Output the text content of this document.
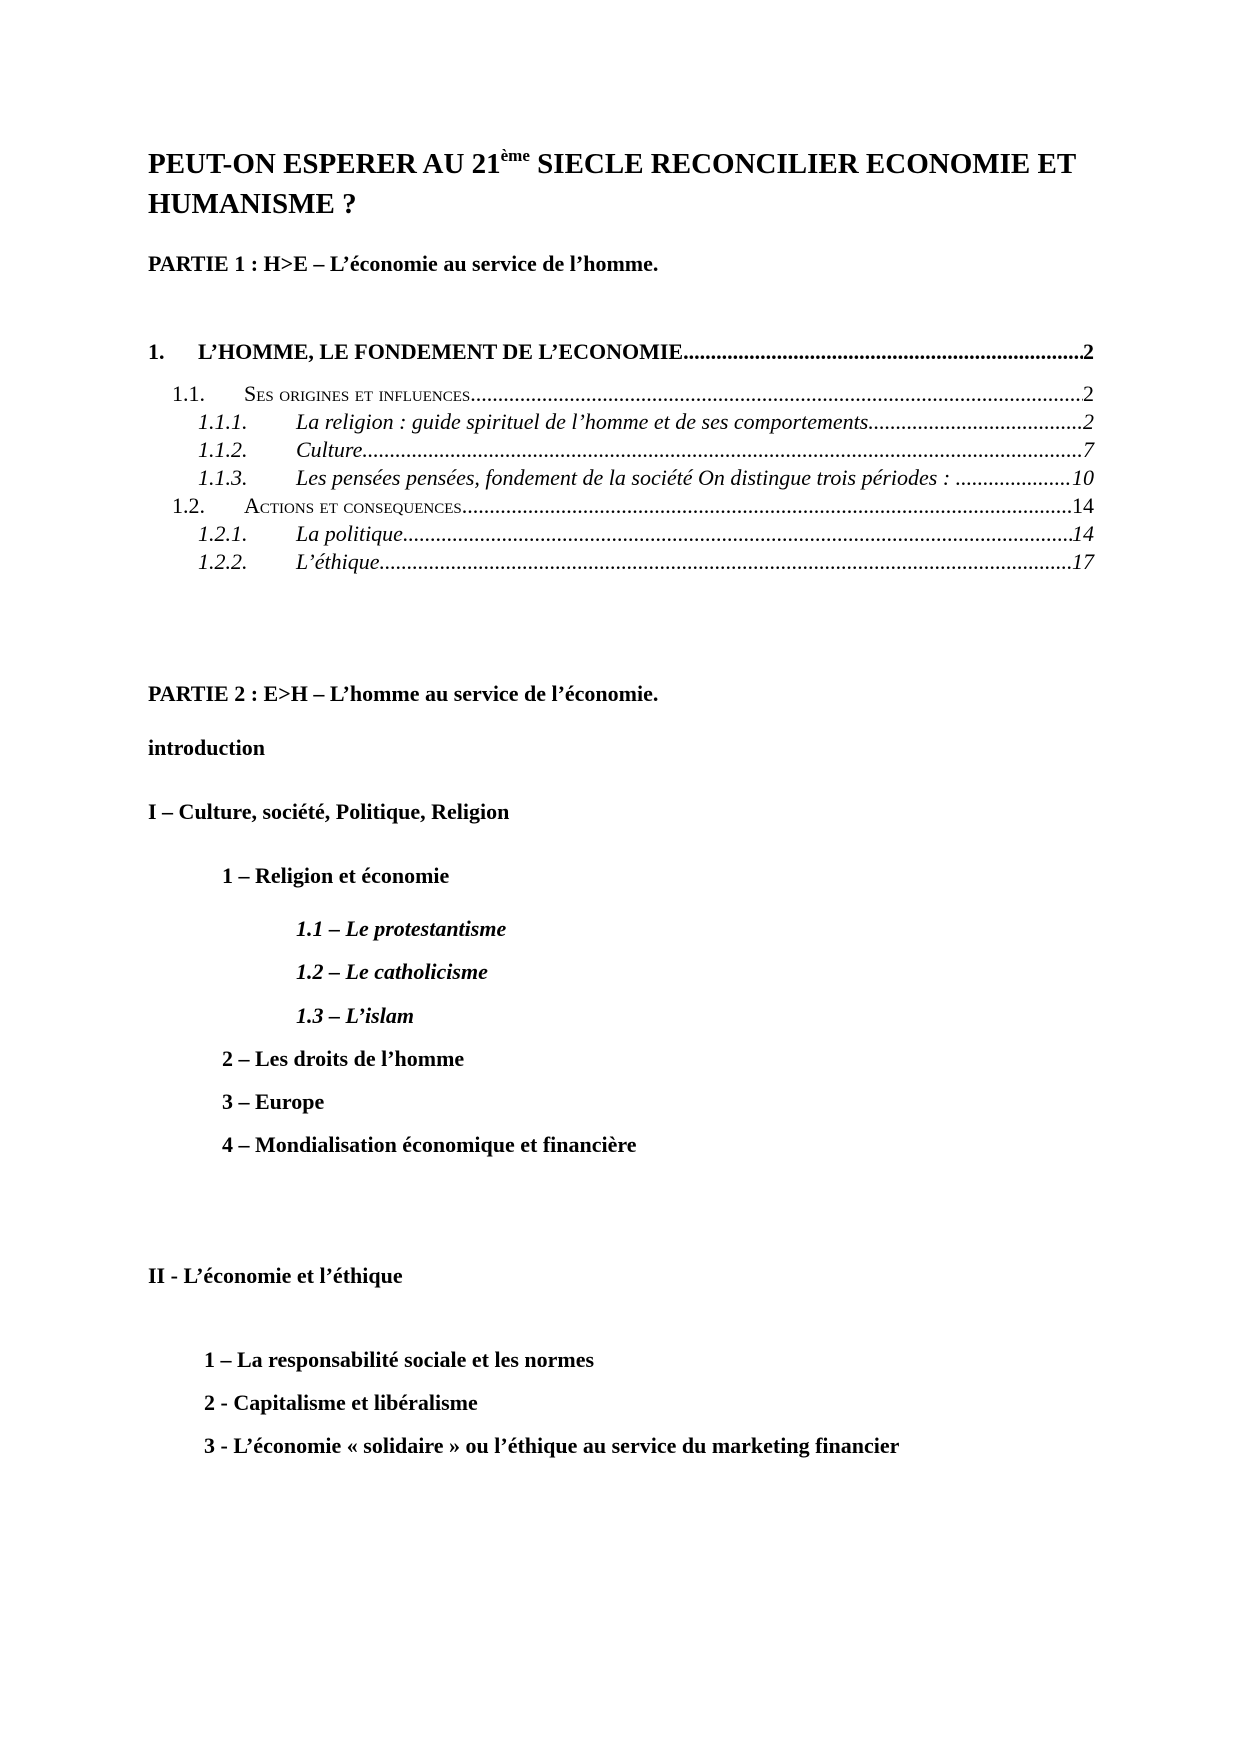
PEUT-ON ESPERER AU 21ème SIECLE RECONCILIER ECONOMIE ET HUMANISME ?
PARTIE 1 : H>E – L’économie au service de l’homme.
1.	L’HOMME, LE FONDEMENT DE L’ECONOMIE .....	2
1.1.	Ses origines et influences .....	2
1.1.1.	La religion : guide spirituel de l’homme et de ses comportements .....	2
1.1.2.	Culture .....	7
1.1.3.	Les pensées pensées, fondement de la société On distingue trois périodes : ... .....	10
1.2.	Actions et consequences .....	14
1.2.1.	La politique .....	14
1.2.2.	L’éthique .....	17
PARTIE 2 : E>H – L’homme au service de l’économie.
introduction
I – Culture, société, Politique, Religion
1 – Religion et économie
1.1 – Le protestantisme
1.2 – Le catholicisme
1.3 – L’islam
2 – Les droits de l’homme
3 – Europe
4 – Mondialisation économique et financière
II - L’économie et l’éthique
1 – La responsabilité sociale et les normes
2 - Capitalisme et libéralisme
3 - L’économie « solidaire » ou l’éthique au service du marketing financier
